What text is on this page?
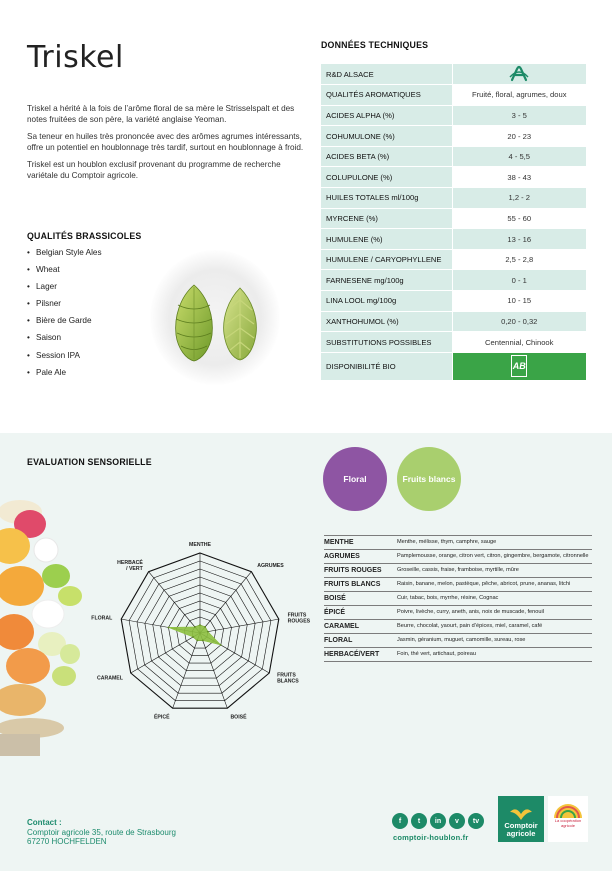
Triskel

Triskel a hérité à la fois de l’arôme floral de sa mère le Strisselspalt et des notes fruitées de son père, la variété anglaise Yeoman.

Sa teneur en huiles très prononcée avec des arômes agrumes intéressants, offre un potentiel en houblonnage très tardif, surtout en houblonnage à froid.

Triskel est un houblon exclusif provenant du programme de recherche variétale du Comptoir agricole.

QUALITÉS BRASSICOLES
• Belgian Style Ales
• Wheat
• Lager
• Pilsner
• Bière de Garde
• Saison
• Session IPA
• Pale Ale
DONNÉES TECHNIQUES
R&D ALSACE	
QUALITÉS AROMATIQUES	Fruité, floral, agrumes, doux
ACIDES ALPHA (%)	3 - 5
COHUMULONE (%)	20 - 23
ACIDES BETA (%)	4 - 5,5
COLUPULONE (%)	38 - 43
HUILES TOTALES ml/100g	1,2 - 2
MYRCENE (%)	55 - 60
HUMULENE (%)	13 - 16
HUMULENE / CARYOPHYLLENE	2,5 - 2,8
FARNESENE mg/100g	0 - 1
LINA LOOL mg/100g	10 - 15
XANTHOHUMOL (%)	0,20 - 0,32
SUBSTITUTIONS POSSIBLES	Centennial, Chinook
DISPONIBILITÉ BIO	AB
EVALUATION SENSORIELLE
Floral	Fruits blancs
MENTHE
AGRUMES
FRUITS ROUGES
FRUITS BLANCS
BOISÉ
ÉPICÉ
CARAMEL
FLORAL
HERBACÉ / VERT
MENTHE	Menthe, mélisse, thym, camphre, sauge
AGRUMES	Pamplemousse, orange, citron vert, citron, gingembre, bergamote, citronnelle
FRUITS ROUGES	Groseille, cassis, fraise, framboise, myrtille, mûre
FRUITS BLANCS	Raisin, banane, melon, pastèque, pêche, abricot, prune, ananas, litchi
BOISÉ	Cuir, tabac, bois, myrrhe, résine, Cognac
ÉPICÉ	Poivre, livèche, curry, aneth, anis, noix de muscade, fenouil
CARAMEL	Beurre, chocolat, yaourt, pain d’épices, miel, caramel, café
FLORAL	Jasmin, géranium, muguet, camomille, sureau, rose
HERBACÉ/VERT	Foin, thé vert, artichaut, poireau
Contact :
Comptoir agricole 35, route de Strasbourg
67270 HOCHFELDEN
f	t	in	v	tv
comptoir-houblon.fr
Comptoir
agricole
La coopération agricole
